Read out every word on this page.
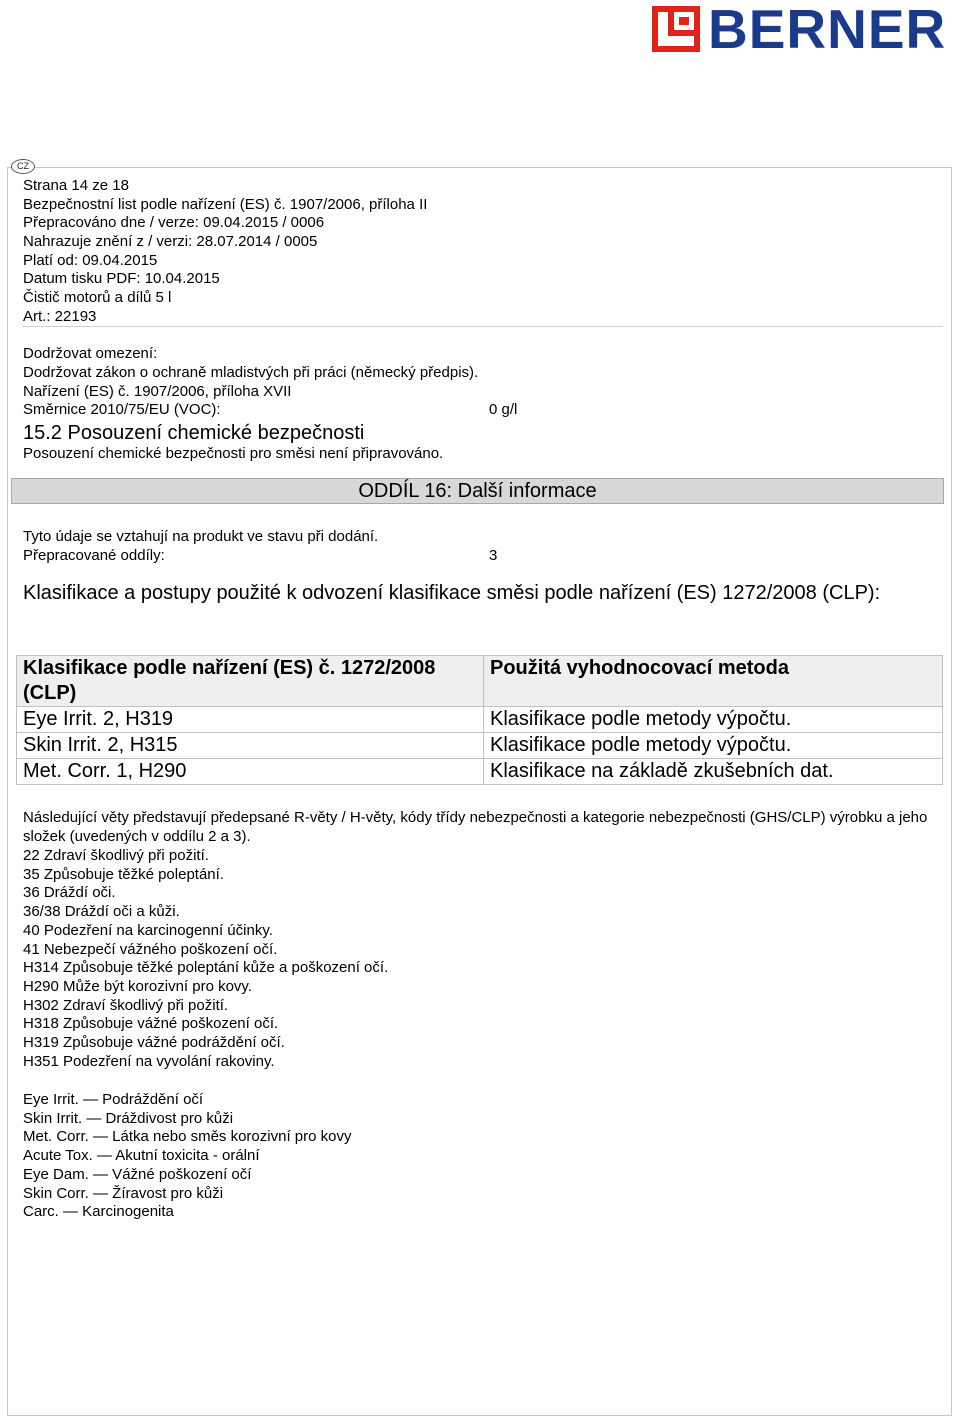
BERNER
CZ
Strana 14 ze 18
Bezpečnostní list podle nařízení (ES) č. 1907/2006, příloha II
Přepracováno dne / verze: 09.04.2015 / 0006
Nahrazuje znění z / verzi: 28.07.2014 / 0005
Platí od: 09.04.2015
Datum tisku PDF: 10.04.2015
Čistič motorů a dílů 5 l
Art.: 22193
Dodržovat omezení:
Dodržovat zákon o ochraně mladistvých při práci (německý předpis).
Nařízení (ES) č. 1907/2006, příloha XVII
Směrnice 2010/75/EU (VOC):	0 g/l
15.2 Posouzení chemické bezpečnosti
Posouzení chemické bezpečnosti pro směsi není připravováno.
ODDÍL 16: Další informace
Tyto údaje se vztahují na produkt ve stavu při dodání.
Přepracované oddíly:	3
Klasifikace a postupy použité k odvození klasifikace směsi podle nařízení (ES) 1272/2008 (CLP):
Klasifikace podle nařízení (ES) č. 1272/2008 (CLP)	Použitá vyhodnocovací metoda
Eye Irrit. 2, H319	Klasifikace podle metody výpočtu.
Skin Irrit. 2, H315	Klasifikace podle metody výpočtu.
Met. Corr. 1, H290	Klasifikace na základě zkušebních dat.
Následující věty představují předepsané R-věty / H-věty, kódy třídy nebezpečnosti a kategorie nebezpečnosti (GHS/CLP) výrobku a jeho složek (uvedených v oddílu 2 a 3).
22 Zdraví škodlivý při požití.
35 Způsobuje těžké poleptání.
36 Dráždí oči.
36/38 Dráždí oči a kůži.
40 Podezření na karcinogenní účinky.
41 Nebezpečí vážného poškození očí.
H314 Způsobuje těžké poleptání kůže a poškození očí.
H290 Může být korozivní pro kovy.
H302 Zdraví škodlivý při požití.
H318 Způsobuje vážné poškození očí.
H319 Způsobuje vážné podráždění očí.
H351 Podezření na vyvolání rakoviny.
Eye Irrit. — Podráždění očí
Skin Irrit. — Dráždivost pro kůži
Met. Corr. — Látka nebo směs korozivní pro kovy
Acute Tox. — Akutní toxicita - orální
Eye Dam. — Vážné poškození očí
Skin Corr. — Žíravost pro kůži
Carc. — Karcinogenita
